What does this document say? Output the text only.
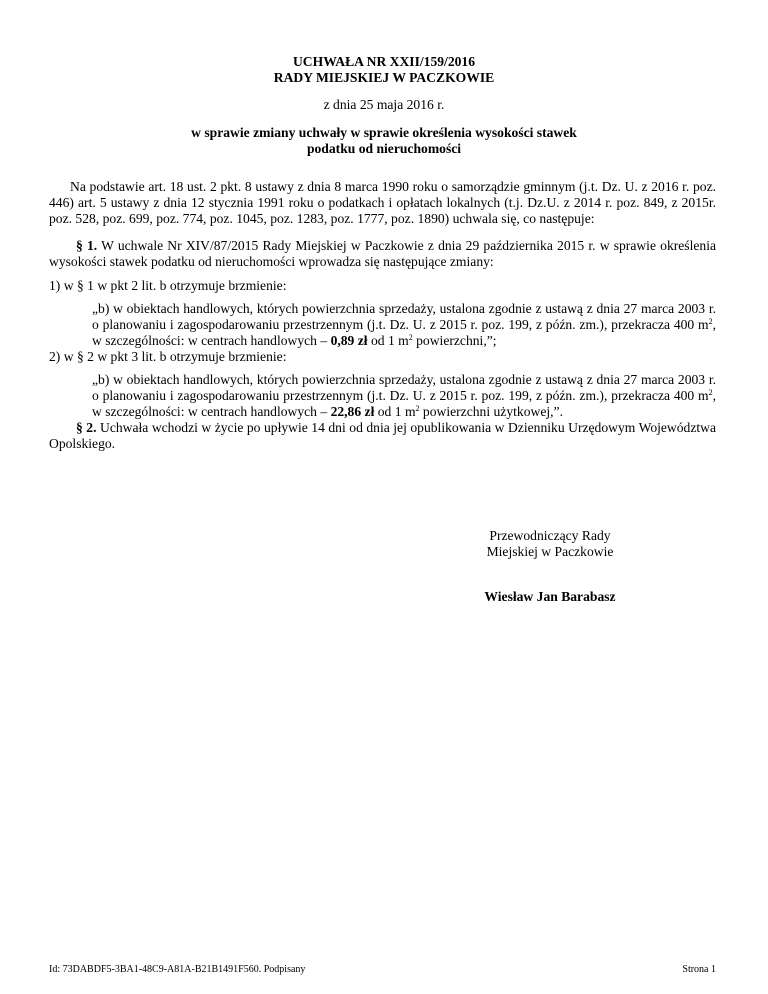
UCHWAŁA NR XXII/159/2016
RADY MIEJSKIEJ W PACZKOWIE
z dnia 25 maja 2016 r.
w sprawie zmiany uchwały w sprawie określenia wysokości stawek
podatku od nieruchomości
Na podstawie art. 18 ust. 2 pkt. 8 ustawy z dnia 8 marca 1990 roku o samorządzie gminnym (j.t. Dz. U. z 2016 r. poz. 446) art. 5 ustawy z dnia 12 stycznia 1991 roku o podatkach i opłatach lokalnych (t.j. Dz.U. z 2014 r. poz. 849, z 2015r. poz. 528, poz. 699, poz. 774, poz. 1045, poz. 1283, poz. 1777, poz. 1890) uchwala się, co następuje:
§ 1. W uchwale Nr XIV/87/2015 Rady Miejskiej w Paczkowie z dnia 29 października 2015 r. w sprawie określenia wysokości stawek podatku od nieruchomości wprowadza się następujące zmiany:
1) w § 1 w pkt 2 lit. b otrzymuje brzmienie:
„b) w obiektach handlowych, których powierzchnia sprzedaży, ustalona zgodnie z ustawą z dnia 27 marca 2003 r. o planowaniu i zagospodarowaniu przestrzennym (j.t. Dz. U. z 2015 r. poz. 199, z późn. zm.), przekracza 400 $m^2$, w szczególności: w centrach handlowych – 0,89 zł od 1 $m^2$ powierzchni,”;
2) w § 2 w pkt 3 lit. b otrzymuje brzmienie:
„b) w obiektach handlowych, których powierzchnia sprzedaży, ustalona zgodnie z ustawą z dnia 27 marca 2003 r. o planowaniu i zagospodarowaniu przestrzennym (j.t. Dz. U. z 2015 r. poz. 199, z późn. zm.), przekracza 400 $m^2$, w szczególności: w centrach handlowych – 22,86 zł od 1 $m^2$ powierzchni użytkowej,”.
§ 2. Uchwała wchodzi w życie po upływie 14 dni od dnia jej opublikowania w Dzienniku Urzędowym Województwa Opolskiego.
Przewodniczący Rady
Miejskiej w Paczkowie
Wiesław Jan Barabasz
Id: 73DABDF5-3BA1-48C9-A81A-B21B1491F560. Podpisany	Strona 1
